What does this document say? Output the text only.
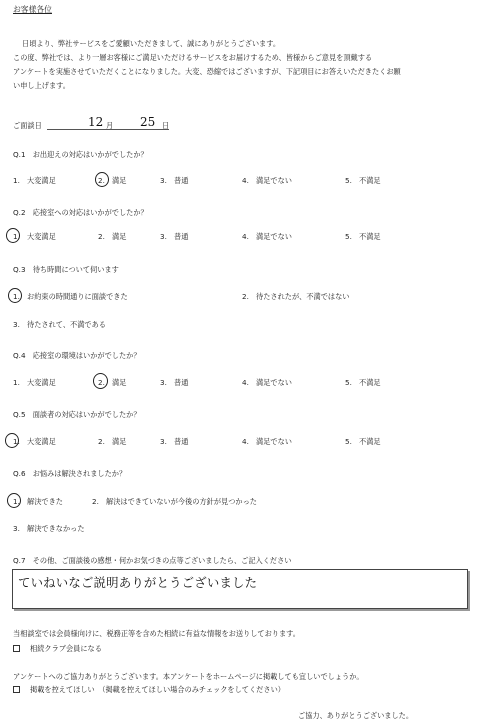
お客様各位
日頃より、弊社サービスをご愛顧いただきまして、誠にありがとうございます。
この度、弊社では、より一層お客様にご満足いただけるサービスをお届けするため、皆様からご意見を頂戴する
アンケートを実施させていただくことになりました。大変、恐縮ではございますが、下記項目にお答えいただきたくお願
い申し上げます。
ご面談日	12 月 25 日
Q.1　お出迎えの対応はいかがでしたか？
1.　大変満足	2.　満足	3.　普通	4.　満足でない	5.　不満足
Q.2　応接室への対応はいかがでしたか？
1.　大変満足	2.　満足	3.　普通	4.　満足でない	5.　不満足
Q.3　待ち時間について伺います
1.　お約束の時間通りに面談できた	2.　待たされたが、不満ではない
3.　待たされて、不満である
Q.4　応接室の環境はいかがでしたか？
1.　大変満足	2.　満足	3.　普通	4.　満足でない	5.　不満足
Q.5　面談者の対応はいかがでしたか？
1.　大変満足	2.　満足	3.　普通	4.　満足でない	5.　不満足
Q.6　お悩みは解決されましたか？
1.　解決できた	2.　解決はできていないが今後の方針が見つかった
3.　解決できなかった
Q.7　その他、ご面談後の感想・何かお気づきの点等ございましたら、ご記入ください
ていねいなご説明ありがとうございました
当相談室では会員様向けに、税務正等を含めた相続に有益な情報をお送りしております。
相続クラブ会員になる
アンケートへのご協力ありがとうございます。本アンケートをホームページに掲載しても宜しいでしょうか。
掲載を控えてほしい　（掲載を控えてほしい場合のみチェックをしてください）
ご協力、ありがとうございました。
